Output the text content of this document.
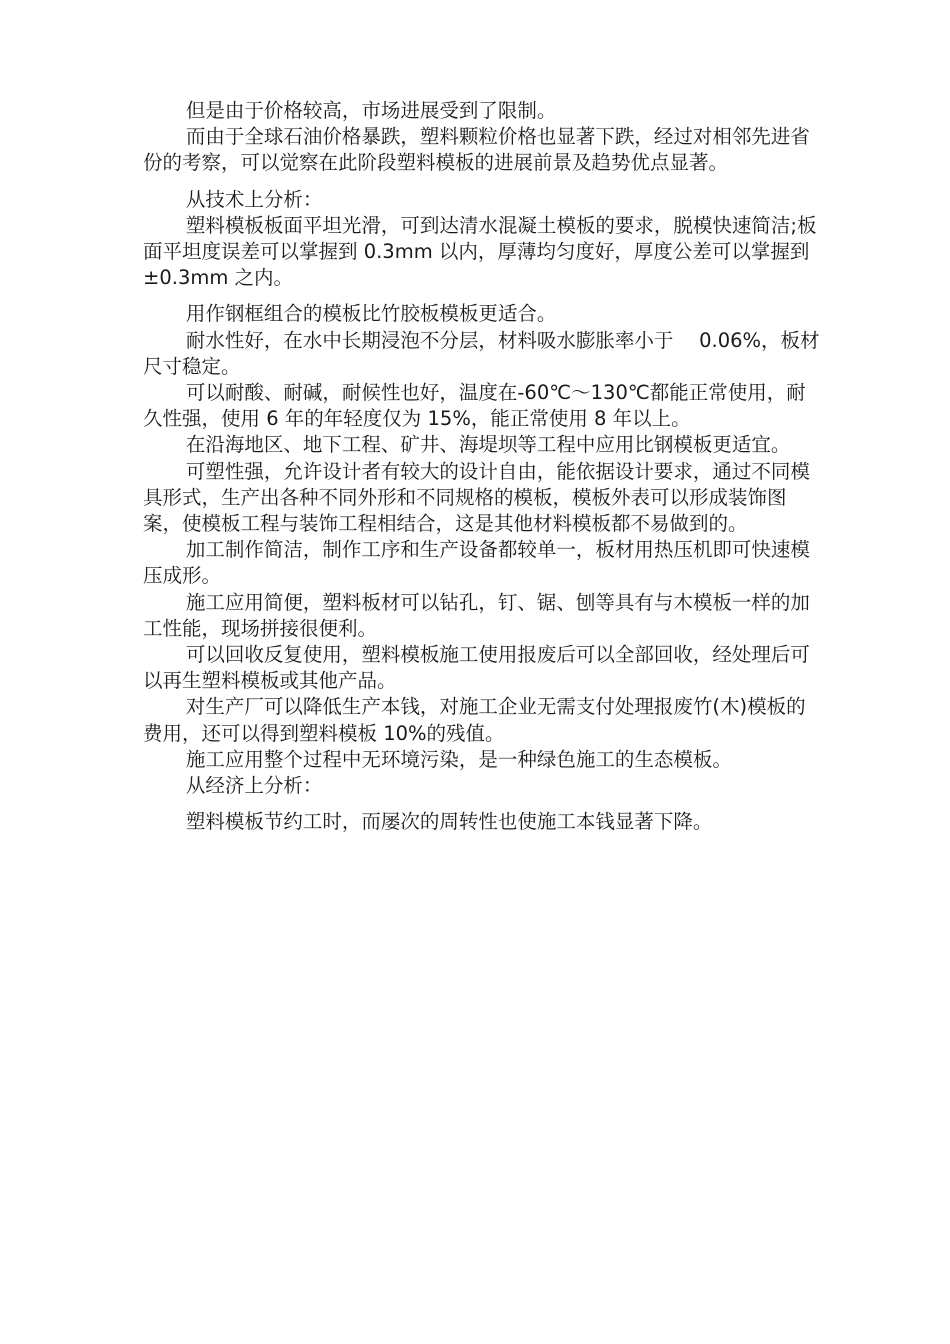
但是由于价格较高，市场进展受到了限制。

而由于全球石油价格暴跌，塑料颗粒价格也显著下跌，经过对相邻先进省份的考察，可以觉察在此阶段塑料模板的进展前景及趋势优点显著。

从技术上分析：

塑料模板板面平坦光滑，可到达清水混凝土模板的要求，脱模快速简洁;板面平坦度误差可以掌握到 0.3mm 以内，厚薄均匀度好，厚度公差可以掌握到±0.3mm 之内。

用作钢框组合的模板比竹胶板模板更适合。

耐水性好，在水中长期浸泡不分层，材料吸水膨胀率小于　 0.06%，板材尺寸稳定。

可以耐酸、耐碱，耐候性也好，温度在-60℃～130℃都能正常使用，耐久性强，使用 6 年的年轻度仅为 15%，能正常使用 8 年以上。

在沿海地区、地下工程、矿井、海堤坝等工程中应用比钢模板更适宜。

可塑性强，允许设计者有较大的设计自由，能依据设计要求，通过不同模具形式，生产出各种不同外形和不同规格的模板，模板外表可以形成装饰图案，使模板工程与装饰工程相结合，这是其他材料模板都不易做到的。

加工制作简洁，制作工序和生产设备都较单一，板材用热压机即可快速模压成形。

施工应用简便，塑料板材可以钻孔，钉、锯、刨等具有与木模板一样的加工性能，现场拼接很便利。

可以回收反复使用，塑料模板施工使用报废后可以全部回收，经处理后可以再生塑料模板或其他产品。

对生产厂可以降低生产本钱，对施工企业无需支付处理报废竹(木)模板的费用，还可以得到塑料模板 10%的残值。

施工应用整个过程中无环境污染，是一种绿色施工的生态模板。

从经济上分析：

塑料模板节约工时，而屡次的周转性也使施工本钱显著下降。
